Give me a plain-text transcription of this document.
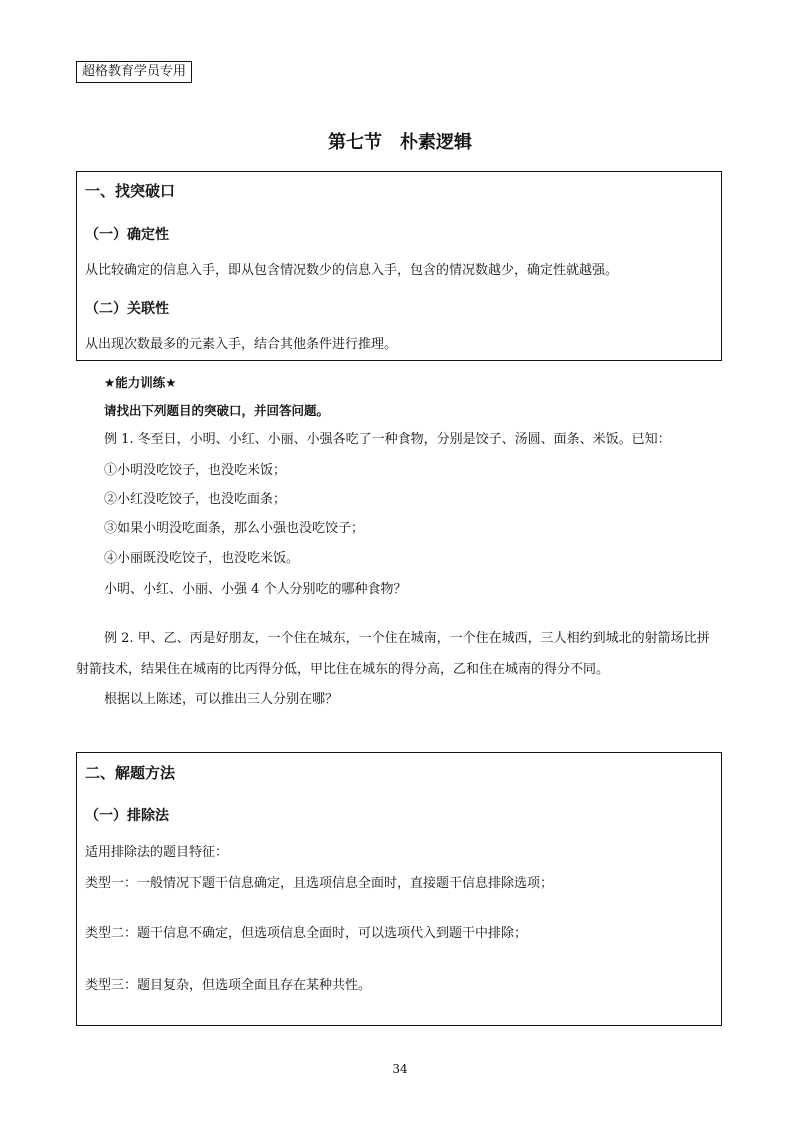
超格教育学员专用
第七节　朴素逻辑
一、找突破口
（一）确定性
从比较确定的信息入手，即从包含情况数少的信息入手，包含的情况数越少，确定性就越强。
（二）关联性
从出现次数最多的元素入手，结合其他条件进行推理。
★能力训练★
请找出下列题目的突破口，并回答问题。
例 1. 冬至日，小明、小红、小丽、小强各吃了一种食物，分别是饺子、汤圆、面条、米饭。已知：
①小明没吃饺子，也没吃米饭；
②小红没吃饺子，也没吃面条；
③如果小明没吃面条，那么小强也没吃饺子；
④小丽既没吃饺子，也没吃米饭。
小明、小红、小丽、小强 4 个人分别吃的哪种食物？
例 2. 甲、乙、丙是好朋友，一个住在城东，一个住在城南，一个住在城西，三人相约到城北的射箭场比拼
射箭技术，结果住在城南的比丙得分低，甲比住在城东的得分高，乙和住在城南的得分不同。
根据以上陈述，可以推出三人分别在哪？
二、解题方法
（一）排除法
适用排除法的题目特征：
类型一：一般情况下题干信息确定，且选项信息全面时，直接题干信息排除选项；
类型二：题干信息不确定，但选项信息全面时，可以选项代入到题干中排除；
类型三：题目复杂，但选项全面且存在某种共性。
34
